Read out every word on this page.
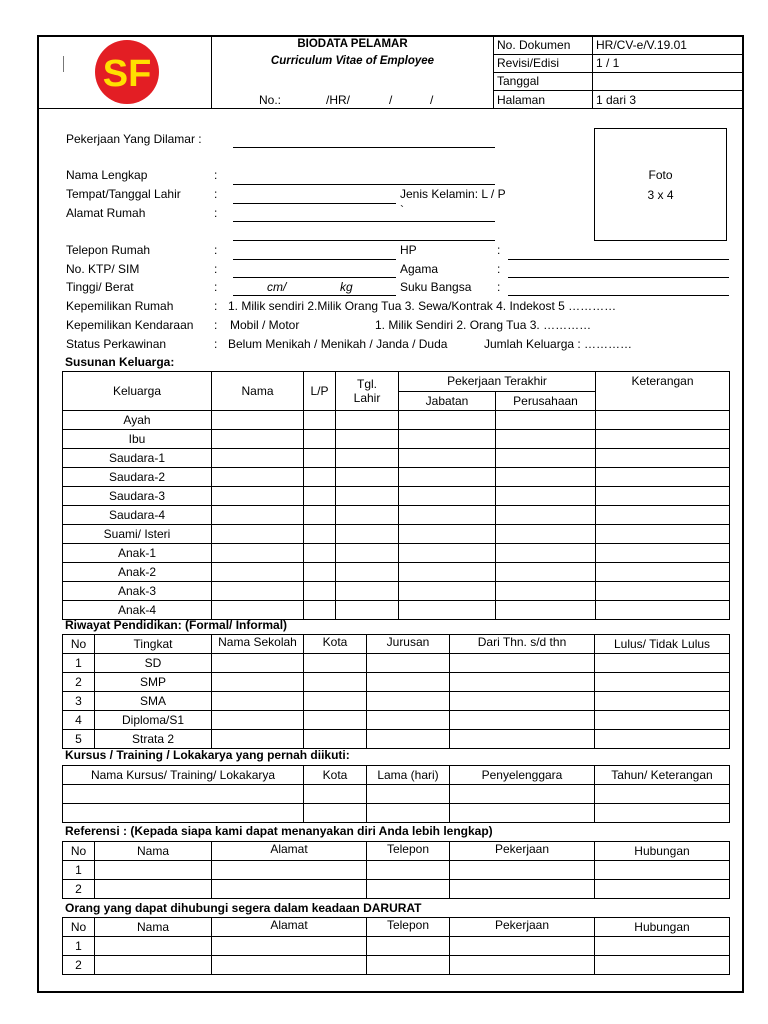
SF
BIODATA PELAMAR
Curriculum Vitae of Employee
No.:	/HR/	/	/
No. Dokumen HR/CV-e/V.19.01
Revisi/Edisi	1 / 1
Tanggal
Halaman	1 dari 3
Foto
3 x 4
Pekerjaan Yang Dilamar :
Nama Lengkap	:
Tempat/Tanggal Lahir	:	Jenis Kelamin: L / P
Alamat Rumah	:	`
Telepon Rumah	:	HP	:
No. KTP/ SIM	:	Agama	:
Tinggi/ Berat	:	cm/	kg	Suku Bangsa :
Kepemilikan Rumah	: 1. Milik sendiri 2.Milik Orang Tua 3. Sewa/Kontrak 4. Indekost 5 …………
Kepemilikan Kendaraan : Mobil / Motor	1. Milik Sendiri 2. Orang Tua 3. …………
Status Perkawinan	: Belum Menikah / Menikah / Janda / Duda	Jumlah Keluarga : …………
Susunan Keluarga:
Keluarga	Nama	L/P	Tgl.	Pekerjaan Terakhir		Keterangan
			Lahir	Jabatan	Perusahaan	
Ayah						
Ibu						
Saudara-1						
Saudara-2						
Saudara-3						
Saudara-4						
Suami/ Isteri						
Anak-1						
Anak-2						
Anak-3						
Anak-4						
Riwayat Pendidikan: (Formal/ Informal)
No	Tingkat	Nama Sekolah	Kota	Jurusan	Dari Thn. s/d thn	Lulus/ Tidak Lulus
1	SD					
2	SMP					
3	SMA					
4	Diploma/S1					
5	Strata 2					
Kursus / Training / Lokakarya yang pernah diikuti:
Nama Kursus/ Training/ Lokakarya	Kota	Lama (hari)	Penyelenggara	Tahun/ Keterangan

Referensi : (Kepada siapa kami dapat menanyakan diri Anda lebih lengkap)
No	Nama	Alamat	Telepon	Pekerjaan	Hubungan
1					
2					
Orang yang dapat dihubungi segera dalam keadaan DARURAT
No	Nama	Alamat	Telepon	Pekerjaan	Hubungan
1					
2					
